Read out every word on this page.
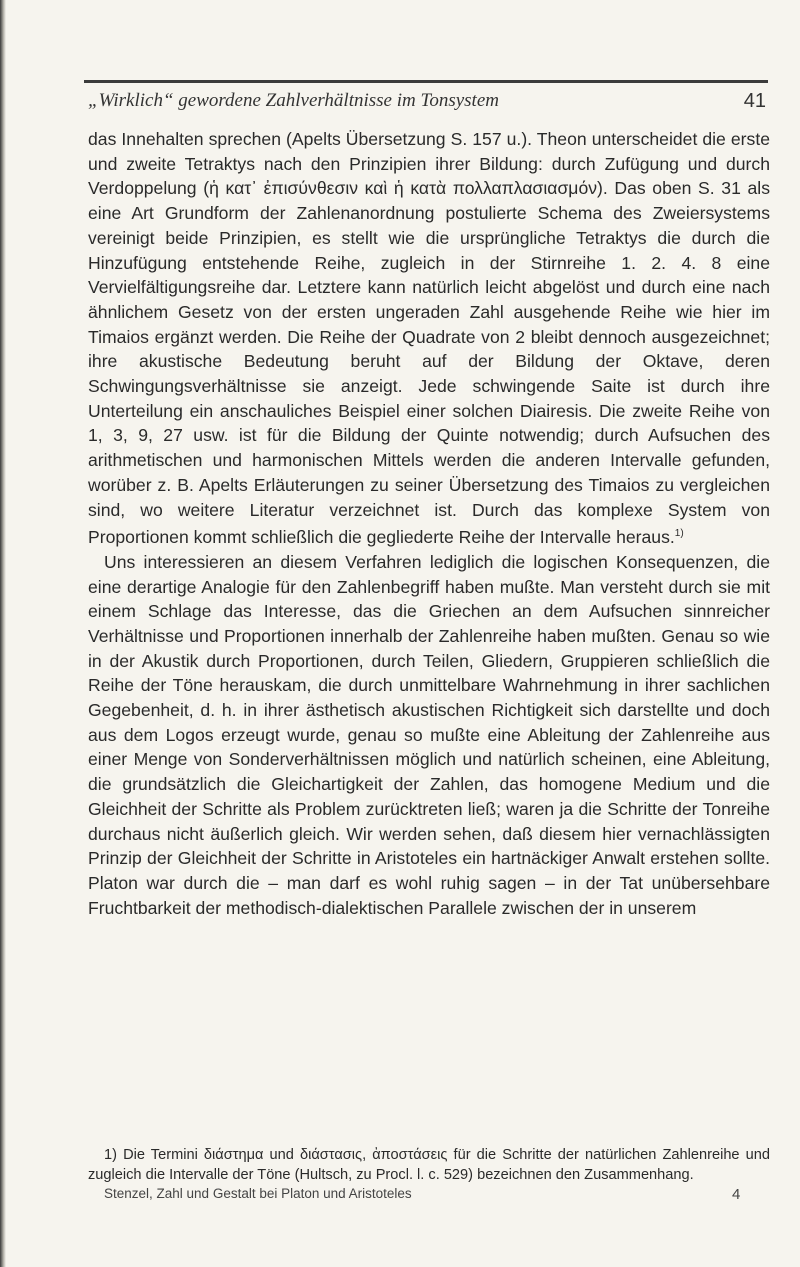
„Wirklich“ gewordene Zahlverhältnisse im Tonsystem	41

das Innehalten sprechen (Apelts Übersetzung S. 157 u.). Theon unterscheidet die erste und zweite Tetraktys nach den Prinzipien ihrer Bildung: durch Zufügung und durch Verdoppelung (ἡ κατ᾽ ἐπισύνθεσιν καὶ ἡ κατὰ πολλαπλασιασμόν). Das oben S. 31 als eine Art Grundform der Zahlenanordnung postulierte Schema des Zweiersystems vereinigt beide Prinzipien, es stellt wie die ursprüngliche Tetraktys die durch die Hinzufügung entstehende Reihe, zugleich in der Stirnreihe 1. 2. 4. 8 eine Vervielfältigungsreihe dar. Letztere kann natürlich leicht abgelöst und durch eine nach ähnlichem Gesetz von der ersten ungeraden Zahl ausgehende Reihe wie hier im Timaios ergänzt werden. Die Reihe der Quadrate von 2 bleibt dennoch ausgezeichnet; ihre akustische Bedeutung beruht auf der Bildung der Oktave, deren Schwingungsverhältnisse sie anzeigt. Jede schwingende Saite ist durch ihre Unterteilung ein anschauliches Beispiel einer solchen Diairesis. Die zweite Reihe von 1, 3, 9, 27 usw. ist für die Bildung der Quinte notwendig; durch Aufsuchen des arithmetischen und harmonischen Mittels werden die anderen Intervalle gefunden, worüber z. B. Apelts Erläuterungen zu seiner Übersetzung des Timaios zu vergleichen sind, wo weitere Literatur verzeichnet ist. Durch das komplexe System von Proportionen kommt schließlich die gegliederte Reihe der Intervalle heraus.$^{1)}$

Uns interessieren an diesem Verfahren lediglich die logischen Konsequenzen, die eine derartige Analogie für den Zahlenbegriff haben mußte. Man versteht durch sie mit einem Schlage das Interesse, das die Griechen an dem Aufsuchen sinnreicher Verhältnisse und Proportionen innerhalb der Zahlenreihe haben mußten. Genau so wie in der Akustik durch Proportionen, durch Teilen, Gliedern, Gruppieren schließlich die Reihe der Töne herauskam, die durch unmittelbare Wahrnehmung in ihrer sachlichen Gegebenheit, d. h. in ihrer ästhetisch akustischen Richtigkeit sich darstellte und doch aus dem Logos erzeugt wurde, genau so mußte eine Ableitung der Zahlenreihe aus einer Menge von Sonderverhältnissen möglich und natürlich scheinen, eine Ableitung, die grundsätzlich die Gleichartigkeit der Zahlen, das homogene Medium und die Gleichheit der Schritte als Problem zurücktreten ließ; waren ja die Schritte der Tonreihe durchaus nicht äußerlich gleich. Wir werden sehen, daß diesem hier vernachlässigten Prinzip der Gleichheit der Schritte in Aristoteles ein hartnäckiger Anwalt erstehen sollte. Platon war durch die – man darf es wohl ruhig sagen – in der Tat unübersehbare Fruchtbarkeit der methodisch-dialektischen Parallele zwischen der in unserem

1) Die Termini διάστημα und διάστασις, ἀποστάσεις für die Schritte der natürlichen Zahlenreihe und zugleich die Intervalle der Töne (Hultsch, zu Procl. l. c. 529) bezeichnen den Zusammenhang.

Stenzel, Zahl und Gestalt bei Platon und Aristoteles	4
